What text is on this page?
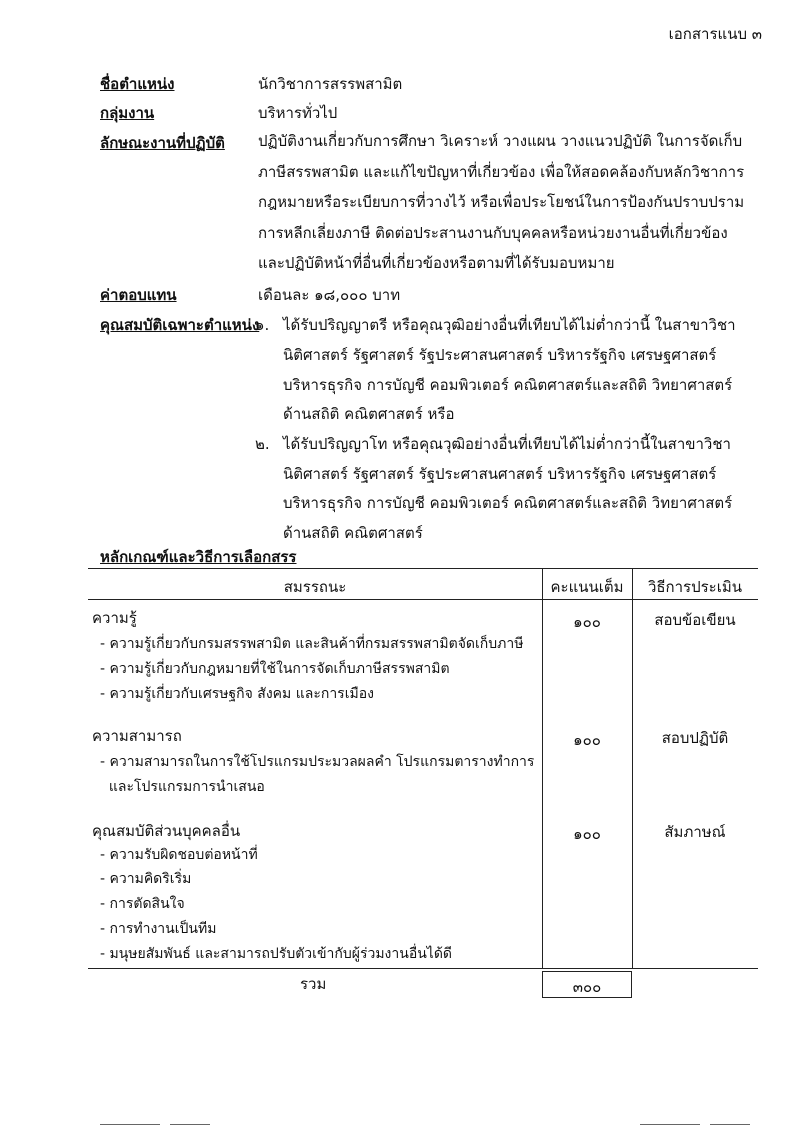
เอกสารแนบ ๓
ชื่อตำแหน่ง	นักวิชาการสรรพสามิต
กลุ่มงาน	บริหารทั่วไป
ลักษณะงานที่ปฏิบัติ ปฏิบัติงานเกี่ยวกับการศึกษา วิเคราะห์ วางแผน วางแนวปฏิบัติ ในการจัดเก็บ
ภาษีสรรพสามิต และแก้ไขปัญหาที่เกี่ยวข้อง เพื่อให้สอดคล้องกับหลักวิชาการ
กฎหมายหรือระเบียบการที่วางไว้ หรือเพื่อประโยชน์ในการป้องกันปราบปราม
การหลีกเลี่ยงภาษี ติดต่อประสานงานกับบุคคลหรือหน่วยงานอื่นที่เกี่ยวข้อง
และปฏิบัติหน้าที่อื่นที่เกี่ยวข้องหรือตามที่ได้รับมอบหมาย
ค่าตอบแทน	เดือนละ ๑๘,๐๐๐ บาท
คุณสมบัติเฉพาะตำแหน่ง
๑. ได้รับปริญญาตรี หรือคุณวุฒิอย่างอื่นที่เทียบได้ไม่ต่ำกว่านี้ ในสาขาวิชา
นิติศาสตร์ รัฐศาสตร์ รัฐประศาสนศาสตร์ บริหารรัฐกิจ เศรษฐศาสตร์
บริหารธุรกิจ การบัญชี คอมพิวเตอร์ คณิตศาสตร์และสถิติ วิทยาศาสตร์
ด้านสถิติ คณิตศาสตร์ หรือ
๒. ได้รับปริญญาโท หรือคุณวุฒิอย่างอื่นที่เทียบได้ไม่ต่ำกว่านี้ในสาขาวิชา
นิติศาสตร์ รัฐศาสตร์ รัฐประศาสนศาสตร์ บริหารรัฐกิจ เศรษฐศาสตร์
บริหารธุรกิจ การบัญชี คอมพิวเตอร์ คณิตศาสตร์และสถิติ วิทยาศาสตร์
ด้านสถิติ คณิตศาสตร์
หลักเกณฑ์และวิธีการเลือกสรร
สมรรถนะ	คะแนนเต็ม	วิธีการประเมิน
ความรู้
- ความรู้เกี่ยวกับกรมสรรพสามิต และสินค้าที่กรมสรรพสามิตจัดเก็บภาษี
- ความรู้เกี่ยวกับกฎหมายที่ใช้ในการจัดเก็บภาษีสรรพสามิต
- ความรู้เกี่ยวกับเศรษฐกิจ สังคม และการเมือง
๑๐๐	สอบข้อเขียน
ความสามารถ
- ความสามารถในการใช้โปรแกรมประมวลผลคำ โปรแกรมตารางทำการ
และโปรแกรมการนำเสนอ
๑๐๐	สอบปฏิบัติ
คุณสมบัติส่วนบุคคลอื่น
- ความรับผิดชอบต่อหน้าที่
- ความคิดริเริ่ม
- การตัดสินใจ
- การทำงานเป็นทีม
- มนุษยสัมพันธ์ และสามารถปรับตัวเข้ากับผู้ร่วมงานอื่นได้ดี
๑๐๐	สัมภาษณ์
รวม	๓๐๐
